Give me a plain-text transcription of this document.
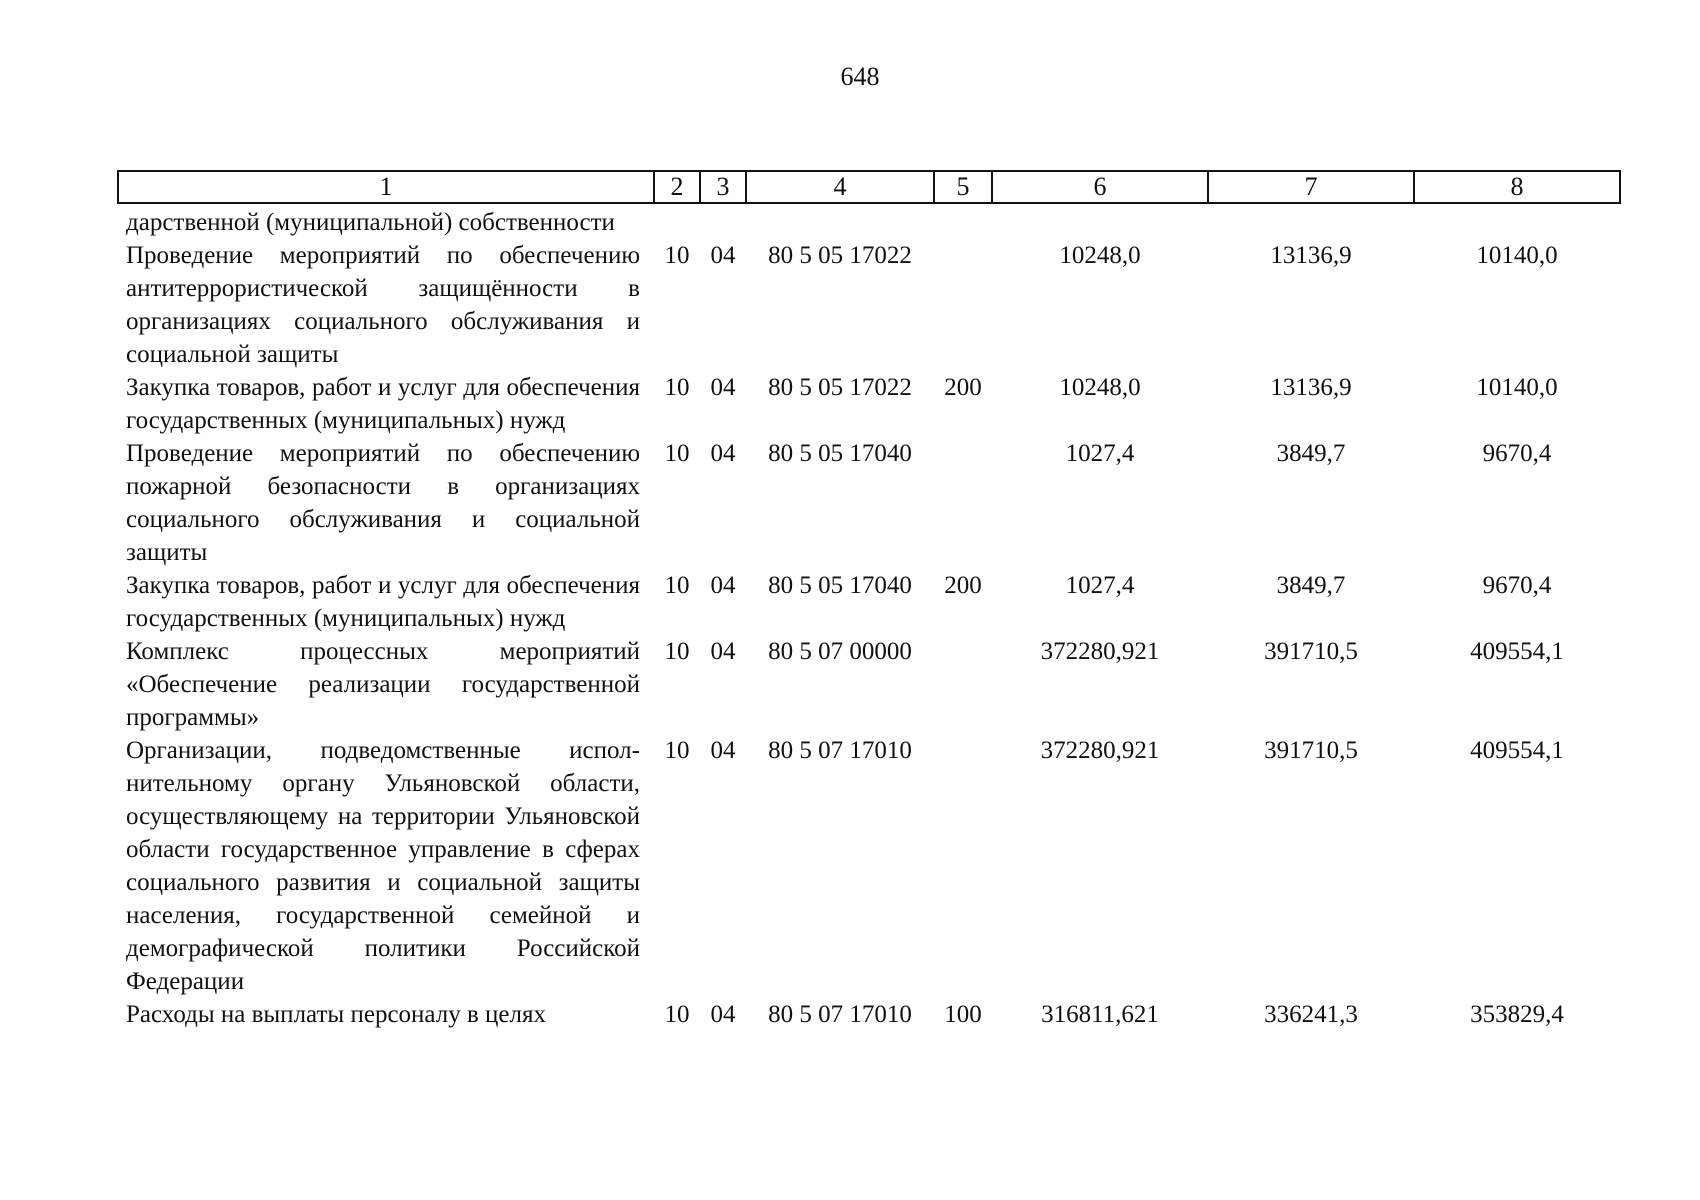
648
1	2	3	4	5	6	7	8
дарственной (муниципальной) собственности							
Проведение мероприятий по обеспечению антитеррористической защищённости в организациях социального обслуживания и социальной защиты	10	04	80 5 05 17022		10248,0	13136,9	10140,0
Закупка товаров, работ и услуг для обеспечения государственных (муниципальных) нужд	10	04	80 5 05 17022	200	10248,0	13136,9	10140,0
Проведение мероприятий по обеспечению пожарной безопасности в организациях социального обслуживания и социальной защиты	10	04	80 5 05 17040		1027,4	3849,7	9670,4
Закупка товаров, работ и услуг для обеспечения государственных (муниципальных) нужд	10	04	80 5 05 17040	200	1027,4	3849,7	9670,4
Комплекс процессных мероприятий «Обеспечение реализации государственной программы»	10	04	80 5 07 00000		372280,921	391710,5	409554,1
Организации, подведомственные исполнительному органу Ульяновской области, осуществляющему на территории Ульяновской области государственное управление в сферах социального развития и социальной защиты населения, государственной семейной и демографической политики Российской Федерации	10	04	80 5 07 17010		372280,921	391710,5	409554,1
Расходы на выплаты персоналу в целях	10	04	80 5 07 17010	100	316811,621	336241,3	353829,4
